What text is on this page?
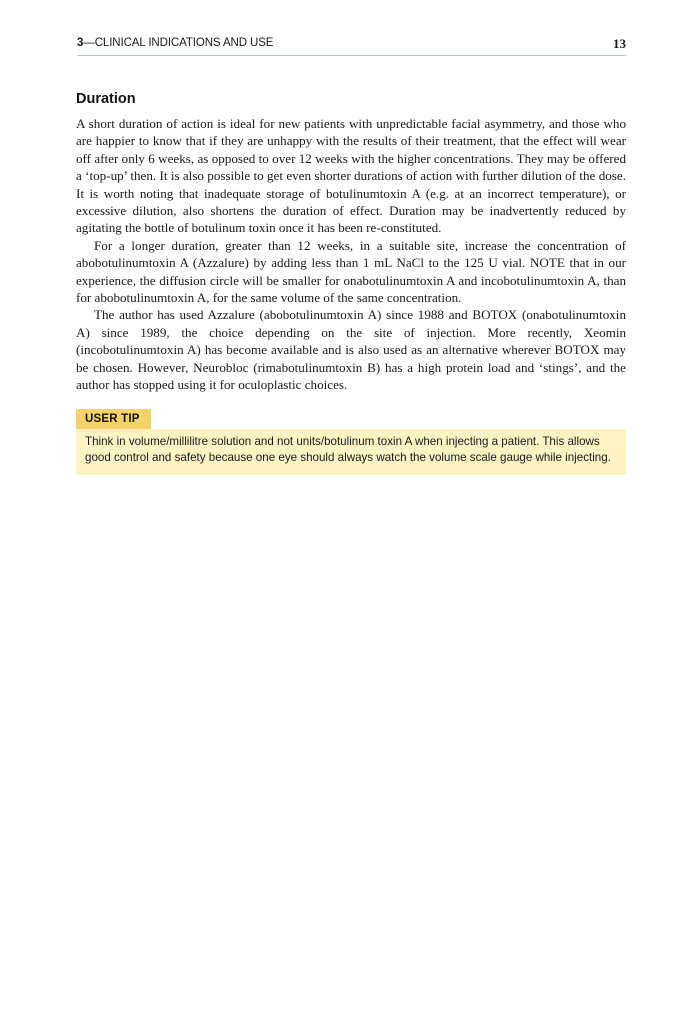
3—CLINICAL INDICATIONS AND USE	13
Duration

A short duration of action is ideal for new patients with unpredictable facial asymmetry, and those who are happier to know that if they are unhappy with the results of their treatment, that the effect will wear off after only 6 weeks, as opposed to over 12 weeks with the higher concentrations. They may be offered a ‘top-up’ then. It is also possible to get even shorter durations of action with further dilution of the dose. It is worth noting that inadequate storage of botulinumtoxin A (e.g. at an incorrect temperature), or excessive dilution, also shortens the duration of effect. Duration may be inadvertently reduced by agitating the bottle of botulinum toxin once it has been re-constituted.

For a longer duration, greater than 12 weeks, in a suitable site, increase the concentration of abobotulinumtoxin A (Azzalure) by adding less than 1 mL NaCl to the 125 U vial. NOTE that in our experience, the diffusion circle will be smaller for onabotulinumtoxin A and incobotulinumtoxin A, than for abobotulinumtoxin A, for the same volume of the same concentration.

The author has used Azzalure (abobotulinumtoxin A) since 1988 and BOTOX (onabotulinumtoxin A) since 1989, the choice depending on the site of injection. More recently, Xeomin (incobotulinumtoxin A) has become available and is also used as an alternative wherever BOTOX may be chosen. However, Neurobloc (rimabotulinumtoxin B) has a high protein load and ‘stings’, and the author has stopped using it for oculoplastic choices.

USER TIP
Think in volume/millilitre solution and not units/botulinum toxin A when injecting a patient. This allows good control and safety because one eye should always watch the volume scale gauge while injecting.
